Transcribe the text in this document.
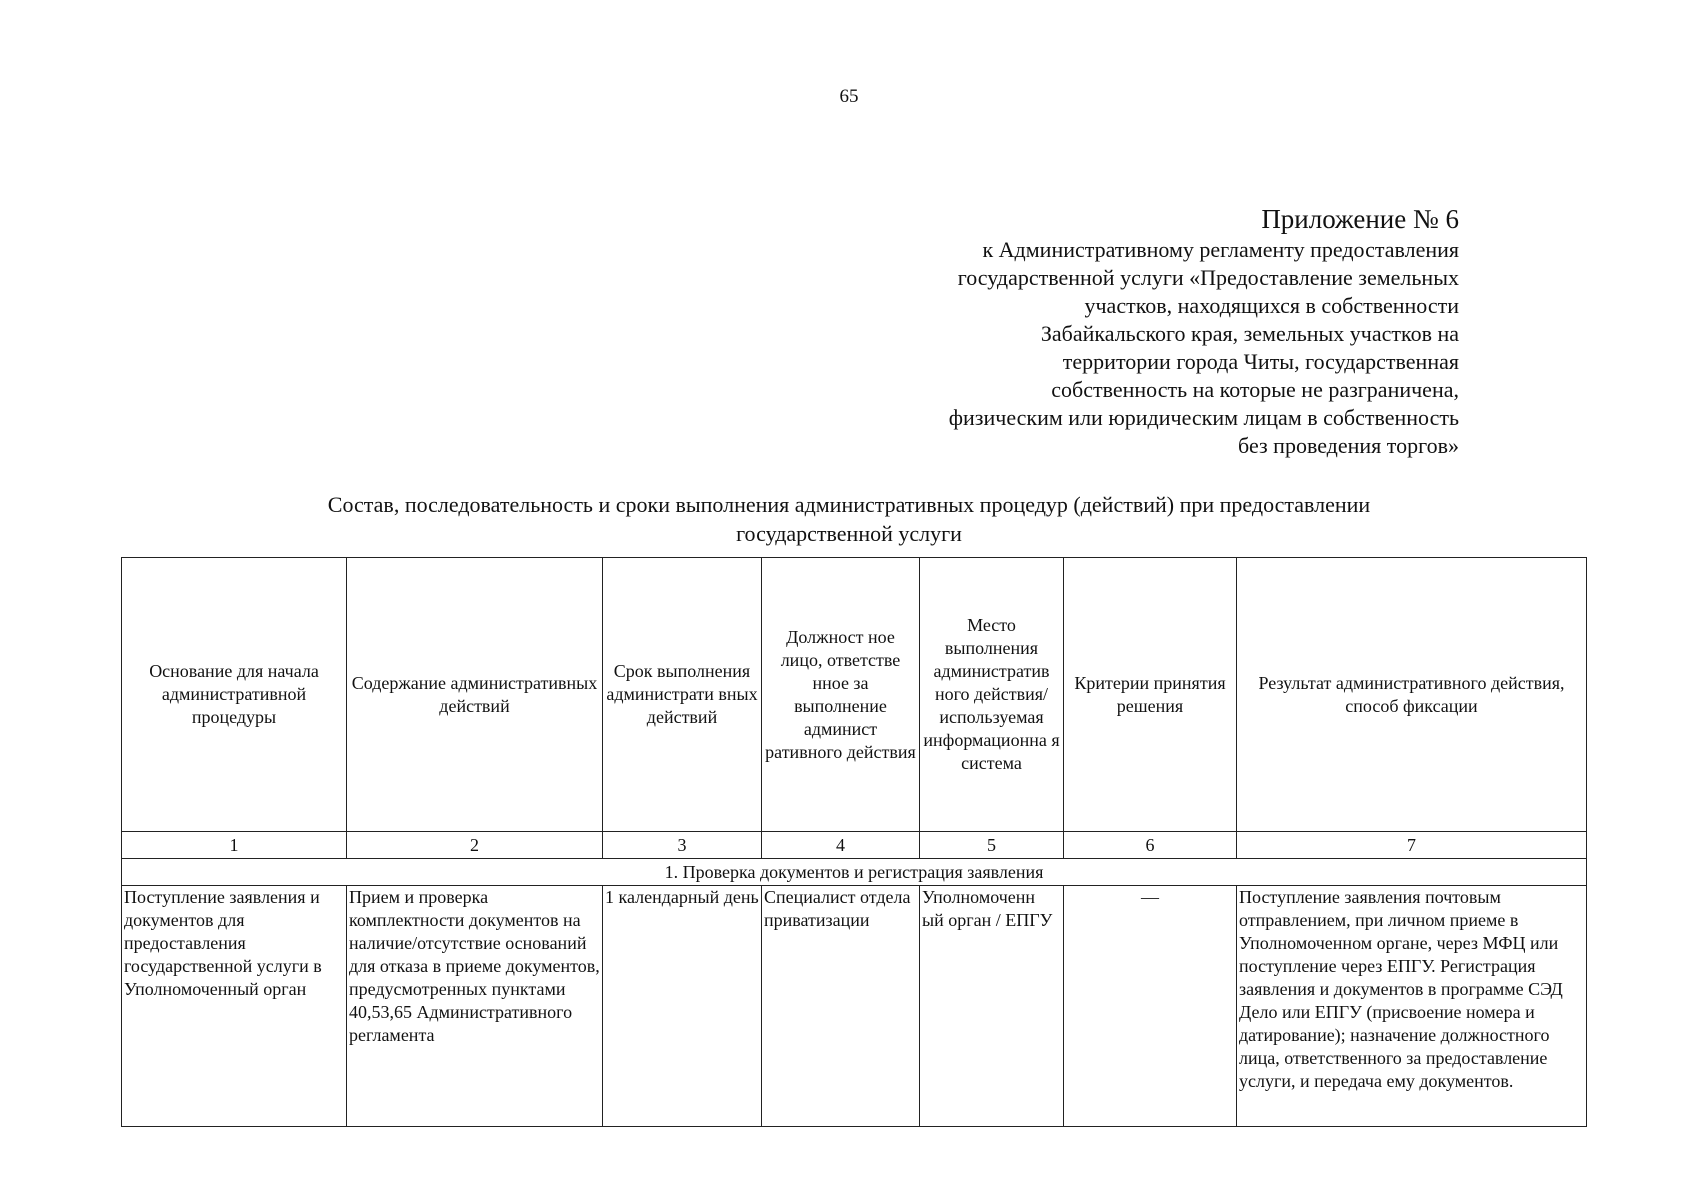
65
Приложение № 6
к Административному регламенту предоставления
государственной услуги «Предоставление земельных
участков, находящихся в собственности
Забайкальского края, земельных участков на
территории города Читы, государственная
собственность на которые не разграничена,
физическим или юридическим лицам в собственность
без проведения торгов»
Состав, последовательность и сроки выполнения административных процедур (действий) при предоставлении
государственной услуги
Основание для начала административной процедуры	Содержание административных действий	Срок выполнения администрати вных действий	Должност ное лицо, ответстве нное за выполнение админист ративного действия	Место выполнения административ ного действия/ используемая информационна я система	Критерии принятия решения	Результат административного действия, способ фиксации

1	2	3	4	5	6	7
1. Проверка документов и регистрация заявления						
Поступление заявления и документов для предоставления государственной услуги в Уполномоченный орган	Прием и проверка комплектности документов на наличие/отсутствие оснований для отказа в приеме документов, предусмотренных пунктами 40,53,65 Административного регламента	1 календарный день	Специалист отдела приватизации	Уполномоченн ый орган / ЕПГУ	—	Поступление заявления почтовым отправлением, при личном приеме в Уполномоченном органе, через МФЦ или поступление через ЕПГУ. Регистрация заявления и документов в программе СЭД Дело или ЕПГУ (присвоение номера и датирование); назначение должностного лица, ответственного за предоставление услуги, и передача ему документов.
